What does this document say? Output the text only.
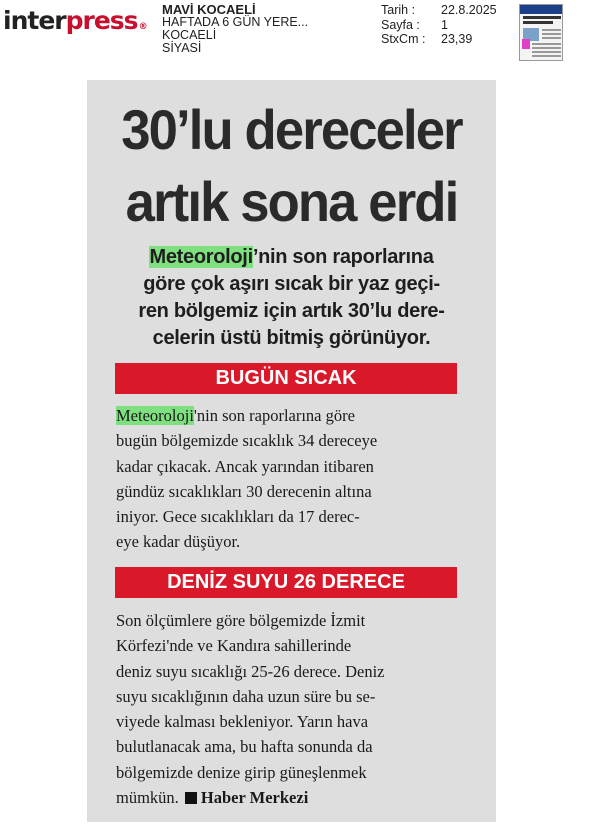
interpress®
MAVİ KOCAELİ
HAFTADA 6 GÜN YERE...
KOCAELİ
SİYASİ
Tarih :	22.8.2025
Sayfa :	1
StxCm :	23,39
30’lu dereceler
artık sona erdi
Meteoroloji’nin son raporlarına
göre çok aşırı sıcak bir yaz geçi-
ren bölgemiz için artık 30’lu dere-
celerin üstü bitmiş görünüyor.
BUGÜN SICAK
Meteoroloji'nin son raporlarına göre
bugün bölgemizde sıcaklık 34 dereceye
kadar çıkacak. Ancak yarından itibaren
gündüz sıcaklıkları 30 derecenin altına
iniyor. Gece sıcaklıkları da 17 derec-
eye kadar düşüyor.
DENİZ SUYU 26 DERECE
Son ölçümlere göre bölgemizde İzmit
Körfezi'nde ve Kandıra sahillerinde
deniz suyu sıcaklığı 25-26 derece. Deniz
suyu sıcaklığının daha uzun süre bu se-
viyede kalması bekleniyor. Yarın hava
bulutlanacak ama, bu hafta sonunda da
bölgemizde denize girip güneşlenmek
mümkün. Haber Merkezi
